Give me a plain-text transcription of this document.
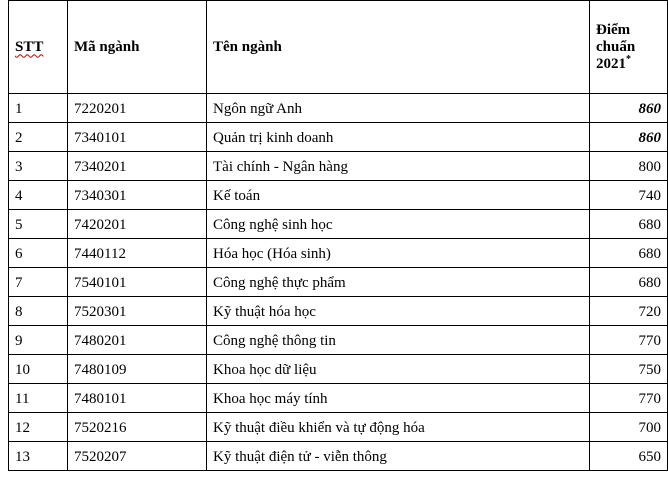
STT	Mã ngành	Tên ngành	Điểm
chuẩn
2021*

1	7220201	Ngôn ngữ Anh	860
2	7340101	Quản trị kinh doanh	860
3	7340201	Tài chính - Ngân hàng	800
4	7340301	Kế toán	740
5	7420201	Công nghệ sinh học	680
6	7440112	Hóa học (Hóa sinh)	680
7	7540101	Công nghệ thực phẩm	680
8	7520301	Kỹ thuật hóa học	720
9	7480201	Công nghệ thông tin	770
10	7480109	Khoa học dữ liệu	750
11	7480101	Khoa học máy tính	770
12	7520216	Kỹ thuật điều khiển và tự động hóa	700
13	7520207	Kỹ thuật điện tử - viễn thông	650
